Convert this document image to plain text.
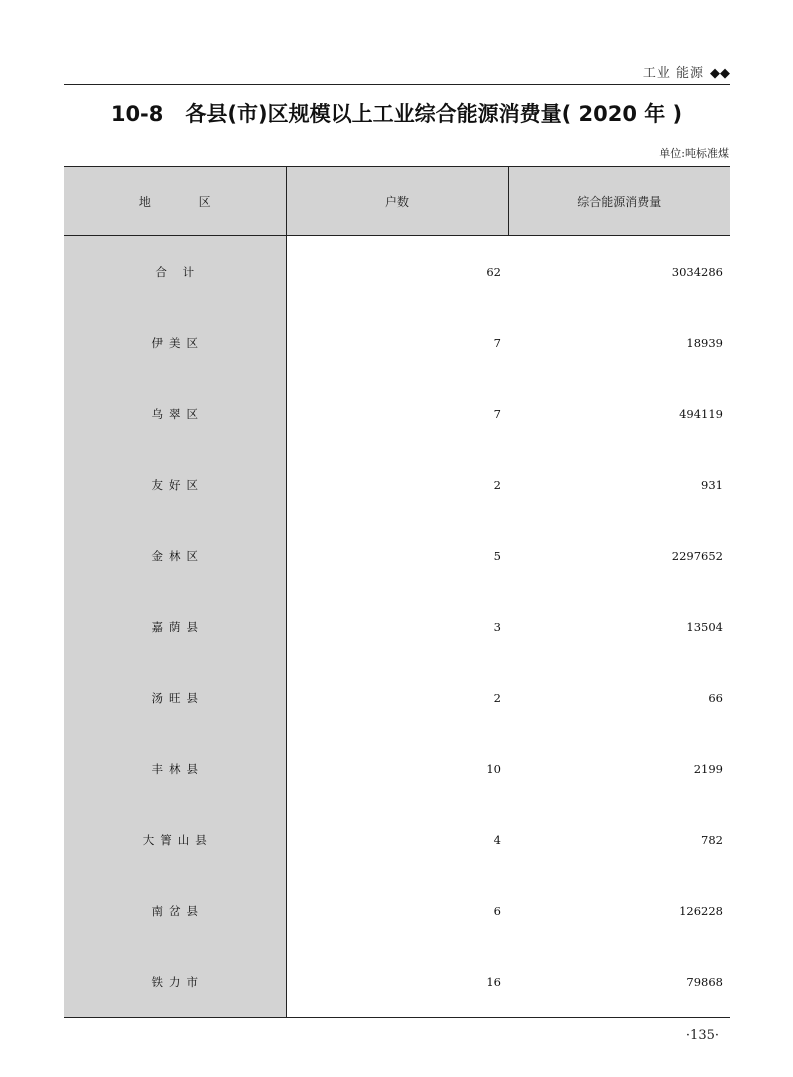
工业 能源 ◆◆
10-8 各县(市)区规模以上工业综合能源消费量( 2020 年 )
单位:吨标准煤
地 区	户数	综合能源消费量
合 计	62	3034286
伊美区	7	18939
乌翠区	7	494119
友好区	2	931
金林区	5	2297652
嘉荫县	3	13504
汤旺县	2	66
丰林县	10	2199
大箐山县	4	782
南岔县	6	126228
铁力市	16	79868
·135·
